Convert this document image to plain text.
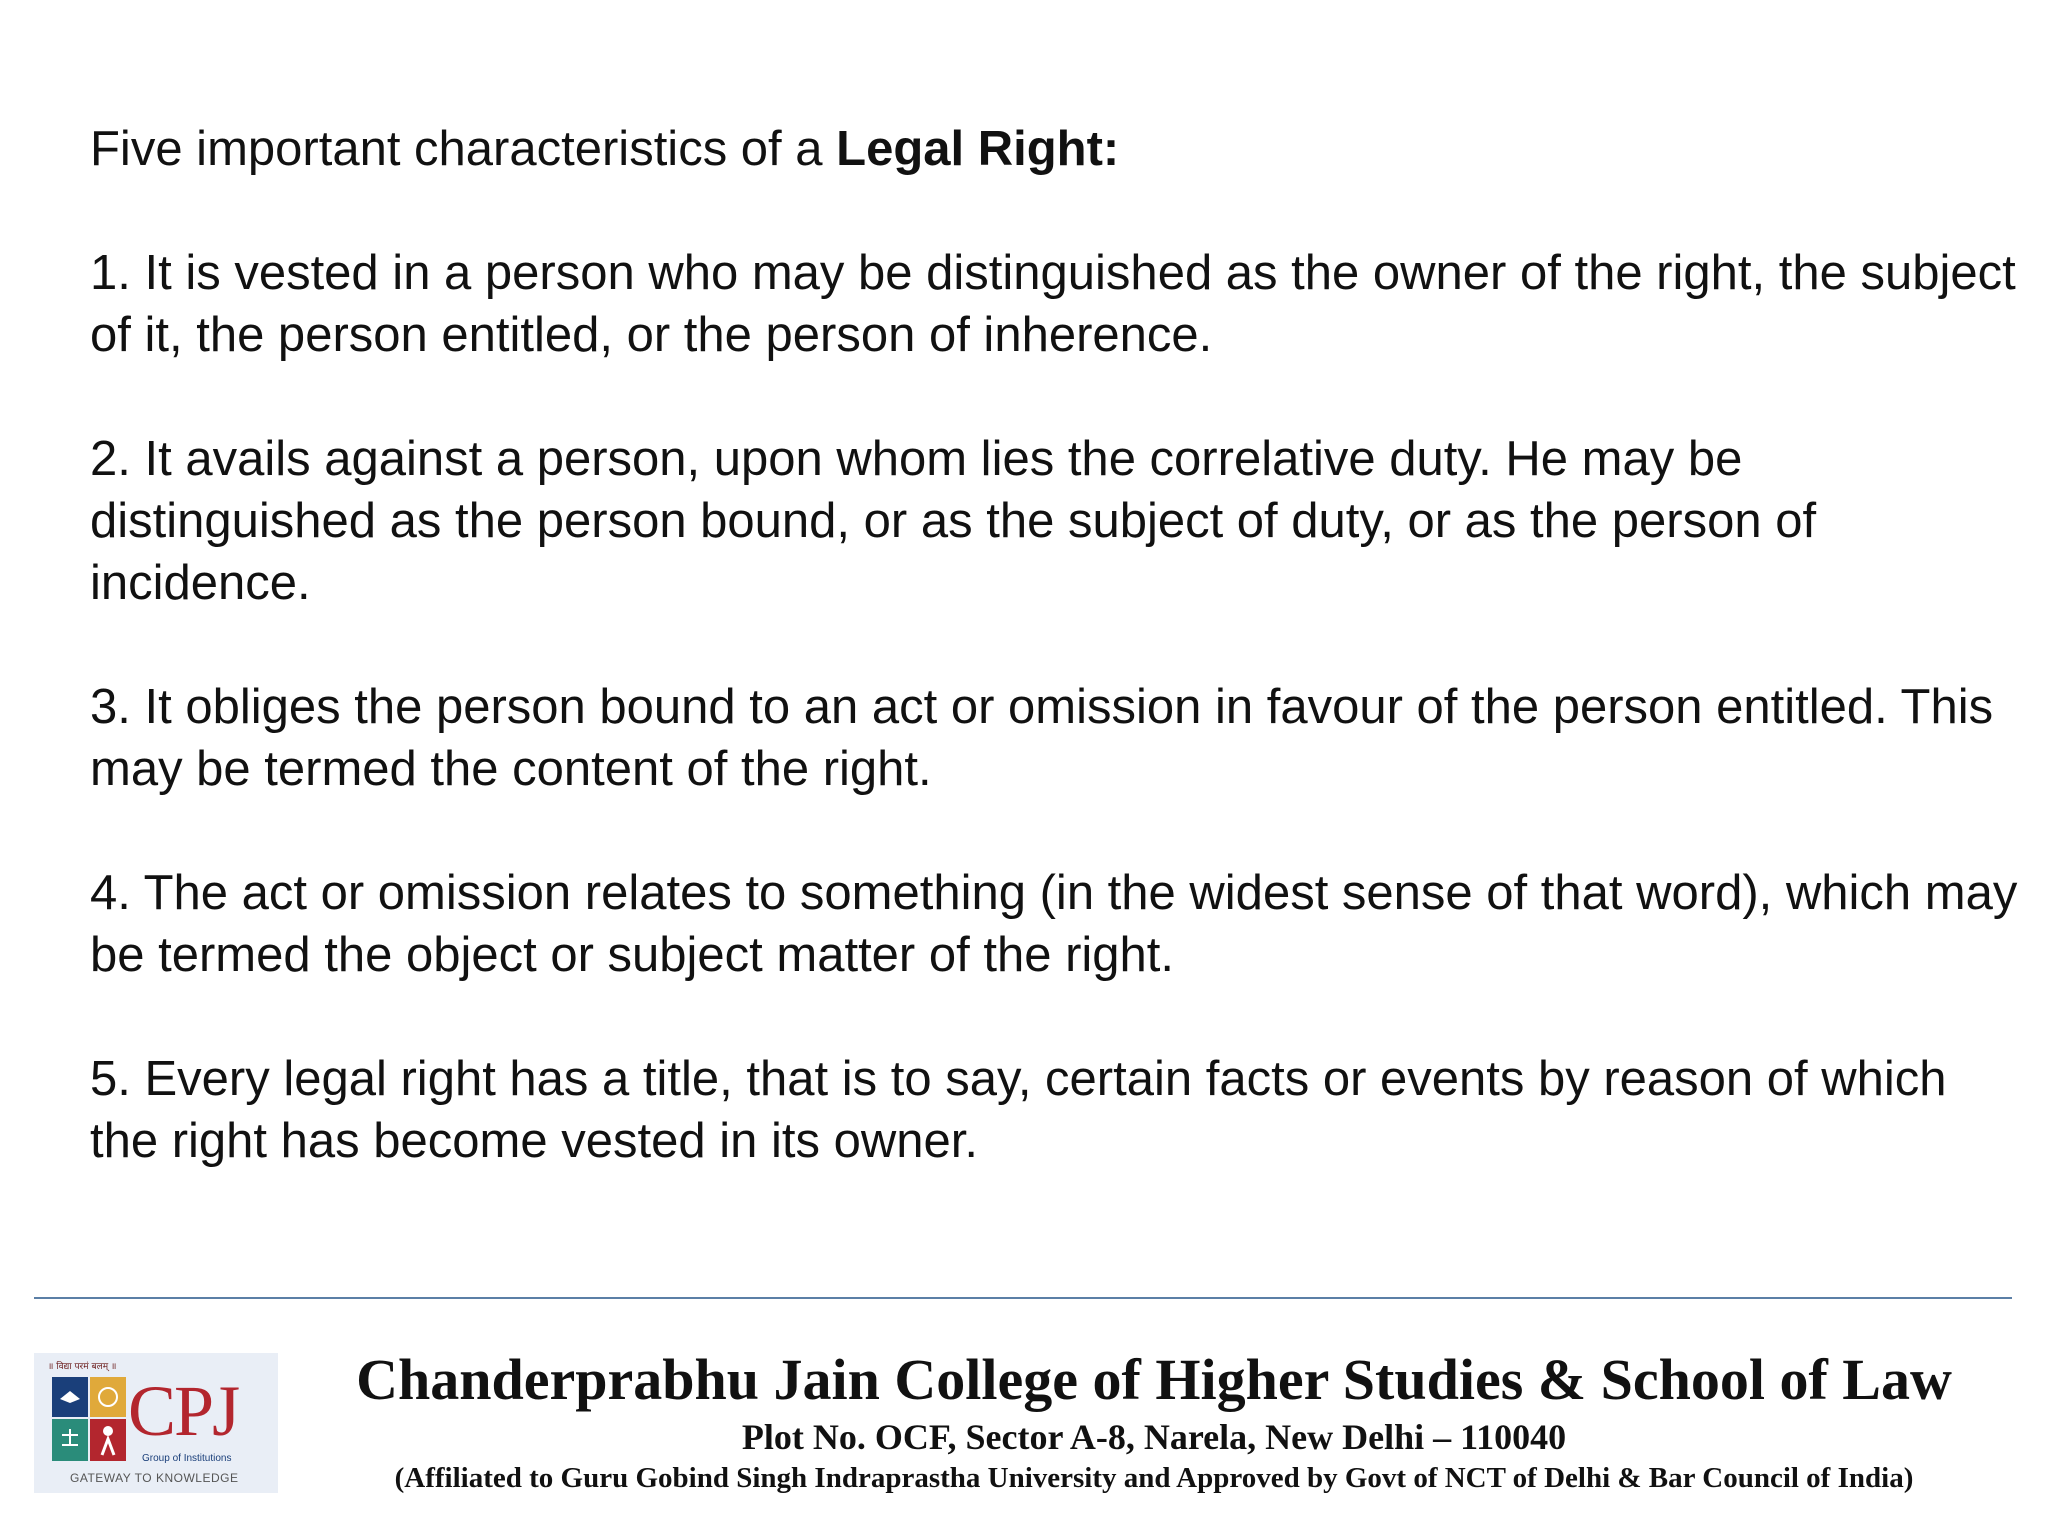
Five important characteristics of a Legal Right:

1. It is vested in a person who may be distinguished as the owner of the right, the subject of it, the person entitled, or the person of inherence.

2. It avails against a person, upon whom lies the correlative duty. He may be distinguished as the person bound, or as the subject of duty, or as the person of incidence.

3. It obliges the person bound to an act or omission in favour of the person entitled. This may be termed the content of the right.

4. The act or omission relates to something (in the widest sense of that word), which may be termed the object or subject matter of the right.

5. Every legal right has a title, that is to say, certain facts or events by reason of which the right has become vested in its owner.

॥ विद्या परमं बलम् ॥
CPJ
Group of Institutions
GATEWAY TO KNOWLEDGE

Chanderprabhu Jain College of Higher Studies & School of Law

Plot No. OCF, Sector A-8, Narela, New Delhi – 110040

(Affiliated to Guru Gobind Singh Indraprastha University and Approved by Govt of NCT of Delhi & Bar Council of India)
